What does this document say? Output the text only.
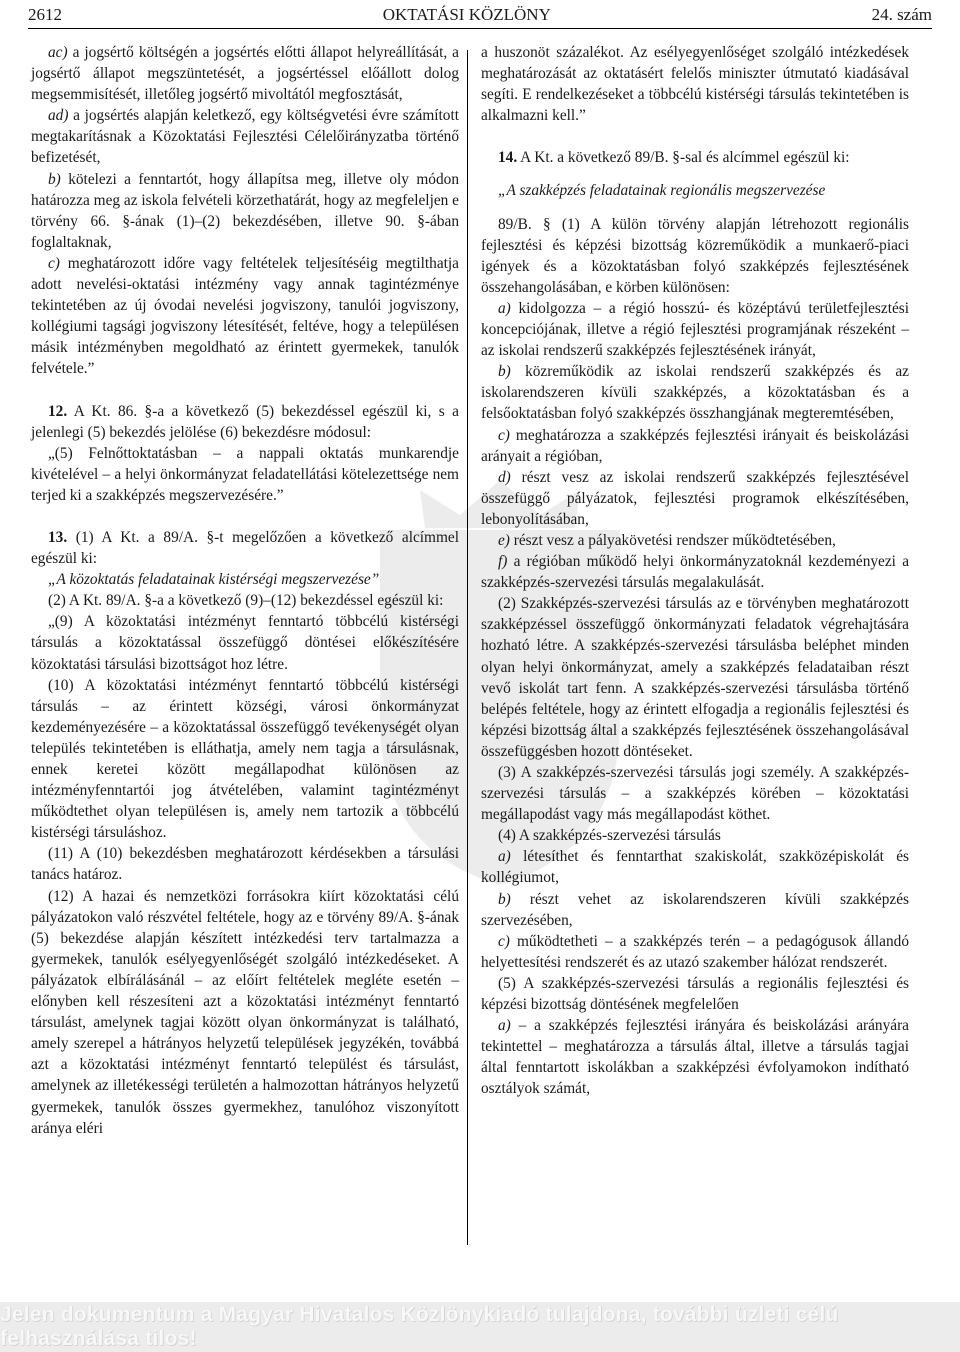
2612	OKTATÁSI KÖZLÖNY	24. szám

ac) a jogsértő költségén a jogsértés előtti állapot helyreállítását, a jogsértő állapot megszüntetését, a jogsértéssel előállott dolog megsemmisítését, illetőleg jogsértő mivoltától megfosztását,

ad) a jogsértés alapján keletkező, egy költségvetési évre számított megtakarításnak a Közoktatási Fejlesztési Célelőirányzatba történő befizetését,

b) kötelezi a fenntartót, hogy állapítsa meg, illetve oly módon határozza meg az iskola felvételi körzethatárát, hogy az megfeleljen e törvény 66. §-ának (1)–(2) bekezdésében, illetve 90. §-ában foglaltaknak,

c) meghatározott időre vagy feltételek teljesítéséig megtilthatja adott nevelési-oktatási intézmény vagy annak tagintézménye tekintetében az új óvodai nevelési jogviszony, tanulói jogviszony, kollégiumi tagsági jogviszony létesítését, feltéve, hogy a településen másik intézményben megoldható az érintett gyermekek, tanulók felvétele.”

12. A Kt. 86. §-a a következő (5) bekezdéssel egészül ki, s a jelenlegi (5) bekezdés jelölése (6) bekezdésre módosul:

„(5) Felnőttoktatásban – a nappali oktatás munkarendje kivételével – a helyi önkormányzat feladatellátási kötelezettsége nem terjed ki a szakképzés megszervezésére.”

13. (1) A Kt. a 89/A. §-t megelőzően a következő alcímmel egészül ki:

„A közoktatás feladatainak kistérségi megszervezése”

(2) A Kt. 89/A. §-a a következő (9)–(12) bekezdéssel egészül ki:

„(9) A közoktatási intézményt fenntartó többcélú kistérségi társulás a közoktatással összefüggő döntései előkészítésére közoktatási társulási bizottságot hoz létre.

(10) A közoktatási intézményt fenntartó többcélú kistérségi társulás – az érintett községi, városi önkormányzat kezdeményezésére – a közoktatással összefüggő tevékenységét olyan település tekintetében is elláthatja, amely nem tagja a társulásnak, ennek keretei között megállapodhat különösen az intézményfenntartói jog átvételében, valamint tagintézményt működtethet olyan településen is, amely nem tartozik a többcélú kistérségi társuláshoz.

(11) A (10) bekezdésben meghatározott kérdésekben a társulási tanács határoz.

(12) A hazai és nemzetközi forrásokra kiírt közoktatási célú pályázatokon való részvétel feltétele, hogy az e törvény 89/A. §-ának (5) bekezdése alapján készített intézkedési terv tartalmazza a gyermekek, tanulók esélyegyenlőségét szolgáló intézkedéseket. A pályázatok elbírálásánál – az előírt feltételek megléte esetén – előnyben kell részesíteni azt a közoktatási intézményt fenntartó társulást, amelynek tagjai között olyan önkormányzat is található, amely szerepel a hátrányos helyzetű települések jegyzékén, továbbá azt a közoktatási intézményt fenntartó települést és társulást, amelynek az illetékességi területén a halmozottan hátrányos helyzetű gyermekek, tanulók összes gyermekhez, tanulóhoz viszonyított aránya eléri

a huszonöt százalékot. Az esélyegyenlőséget szolgáló intézkedések meghatározását az oktatásért felelős miniszter útmutató kiadásával segíti. E rendelkezéseket a többcélú kistérségi társulás tekintetében is alkalmazni kell.”

14. A Kt. a következő 89/B. §-sal és alcímmel egészül ki:

„A szakképzés feladatainak regionális megszervezése

89/B. § (1) A külön törvény alapján létrehozott regionális fejlesztési és képzési bizottság közreműködik a munkaerő-piaci igények és a közoktatásban folyó szakképzés fejlesztésének összehangolásában, e körben különösen:

a) kidolgozza – a régió hosszú- és középtávú területfejlesztési koncepciójának, illetve a régió fejlesztési programjának részeként – az iskolai rendszerű szakképzés fejlesztésének irányát,

b) közreműködik az iskolai rendszerű szakképzés és az iskolarendszeren kívüli szakképzés, a közoktatásban és a felsőoktatásban folyó szakképzés összhangjának megteremtésében,

c) meghatározza a szakképzés fejlesztési irányait és beiskolázási arányait a régióban,

d) részt vesz az iskolai rendszerű szakképzés fejlesztésével összefüggő pályázatok, fejlesztési programok elkészítésében, lebonyolításában,

e) részt vesz a pályakövetési rendszer működtetésében,

f) a régióban működő helyi önkormányzatoknál kezdeményezi a szakképzés-szervezési társulás megalakulását.

(2) Szakképzés-szervezési társulás az e törvényben meghatározott szakképzéssel összefüggő önkormányzati feladatok végrehajtására hozható létre. A szakképzés-szervezési társulásba beléphet minden olyan helyi önkormányzat, amely a szakképzés feladataiban részt vevő iskolát tart fenn. A szakképzés-szervezési társulásba történő belépés feltétele, hogy az érintett elfogadja a regionális fejlesztési és képzési bizottság által a szakképzés fejlesztésének összehangolásával összefüggésben hozott döntéseket.

(3) A szakképzés-szervezési társulás jogi személy. A szakképzés-szervezési társulás – a szakképzés körében – közoktatási megállapodást vagy más megállapodást köthet.

(4) A szakképzés-szervezési társulás

a) létesíthet és fenntarthat szakiskolát, szakközépiskolát és kollégiumot,

b) részt vehet az iskolarendszeren kívüli szakképzés szervezésében,

c) működtetheti – a szakképzés terén – a pedagógusok állandó helyettesítési rendszerét és az utazó szakember hálózat rendszerét.

(5) A szakképzés-szervezési társulás a regionális fejlesztési és képzési bizottság döntésének megfelelően

a) – a szakképzés fejlesztési irányára és beiskolázási arányára tekintettel – meghatározza a társulás által, illetve a társulás tagjai által fenntartott iskolákban a szakképzési évfolyamokon indítható osztályok számát,

Jelen dokumentum a Magyar Hivatalos Közlönykiadó tulajdona, további üzleti célú felhasználása tilos!
